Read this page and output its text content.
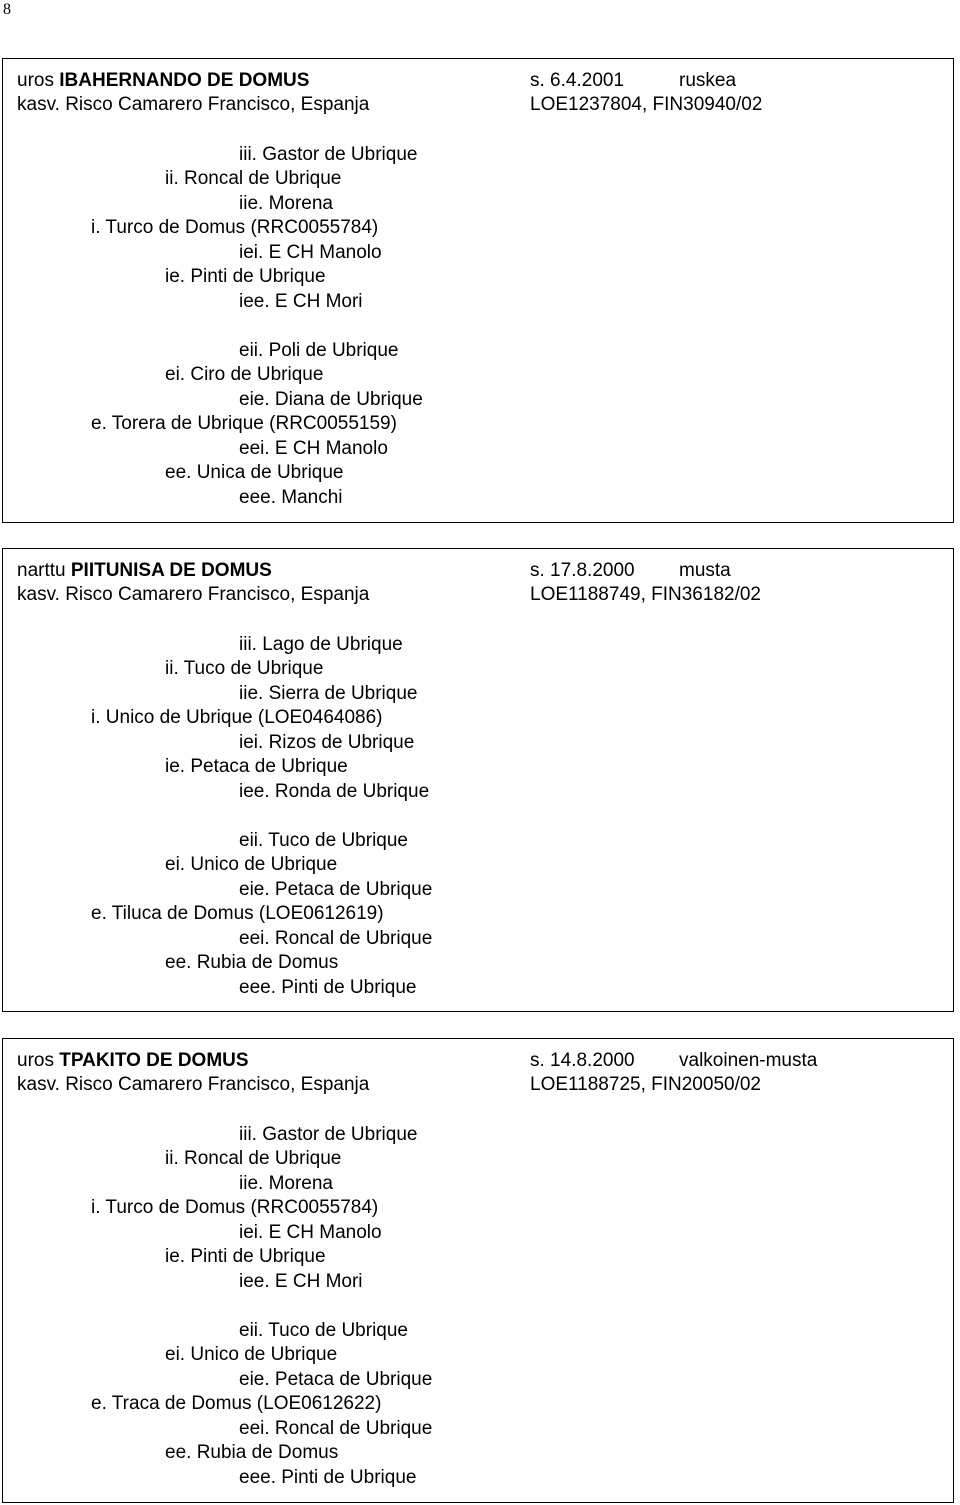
8
uros IBAHERNANDO DE DOMUS	s. 6.4.2001	ruskea
kasv. Risco Camarero Francisco, Espanja	LOE1237804, FIN30940/02
iii. Gastor de Ubrique
ii. Roncal de Ubrique
iie. Morena
i. Turco de Domus (RRC0055784)
iei. E CH Manolo
ie. Pinti de Ubrique
iee. E CH Mori
eii. Poli de Ubrique
ei. Ciro de Ubrique
eie. Diana de Ubrique
e. Torera de Ubrique (RRC0055159)
eei. E CH Manolo
ee. Unica de Ubrique
eee. Manchi
narttu PIITUNISA DE DOMUS	s. 17.8.2000 musta
kasv. Risco Camarero Francisco, Espanja	LOE1188749, FIN36182/02
iii. Lago de Ubrique
ii. Tuco de Ubrique
iie. Sierra de Ubrique
i. Unico de Ubrique (LOE0464086)
iei. Rizos de Ubrique
ie. Petaca de Ubrique
iee. Ronda de Ubrique
eii. Tuco de Ubrique
ei. Unico de Ubrique
eie. Petaca de Ubrique
e. Tiluca de Domus (LOE0612619)
eei. Roncal de Ubrique
ee. Rubia de Domus
eee. Pinti de Ubrique
uros TPAKITO DE DOMUS	s. 14.8.2000 valkoinen-musta
kasv. Risco Camarero Francisco, Espanja	LOE1188725, FIN20050/02
iii. Gastor de Ubrique
ii. Roncal de Ubrique
iie. Morena
i. Turco de Domus (RRC0055784)
iei. E CH Manolo
ie. Pinti de Ubrique
iee. E CH Mori
eii. Tuco de Ubrique
ei. Unico de Ubrique
eie. Petaca de Ubrique
e. Traca de Domus (LOE0612622)
eei. Roncal de Ubrique
ee. Rubia de Domus
eee. Pinti de Ubrique
